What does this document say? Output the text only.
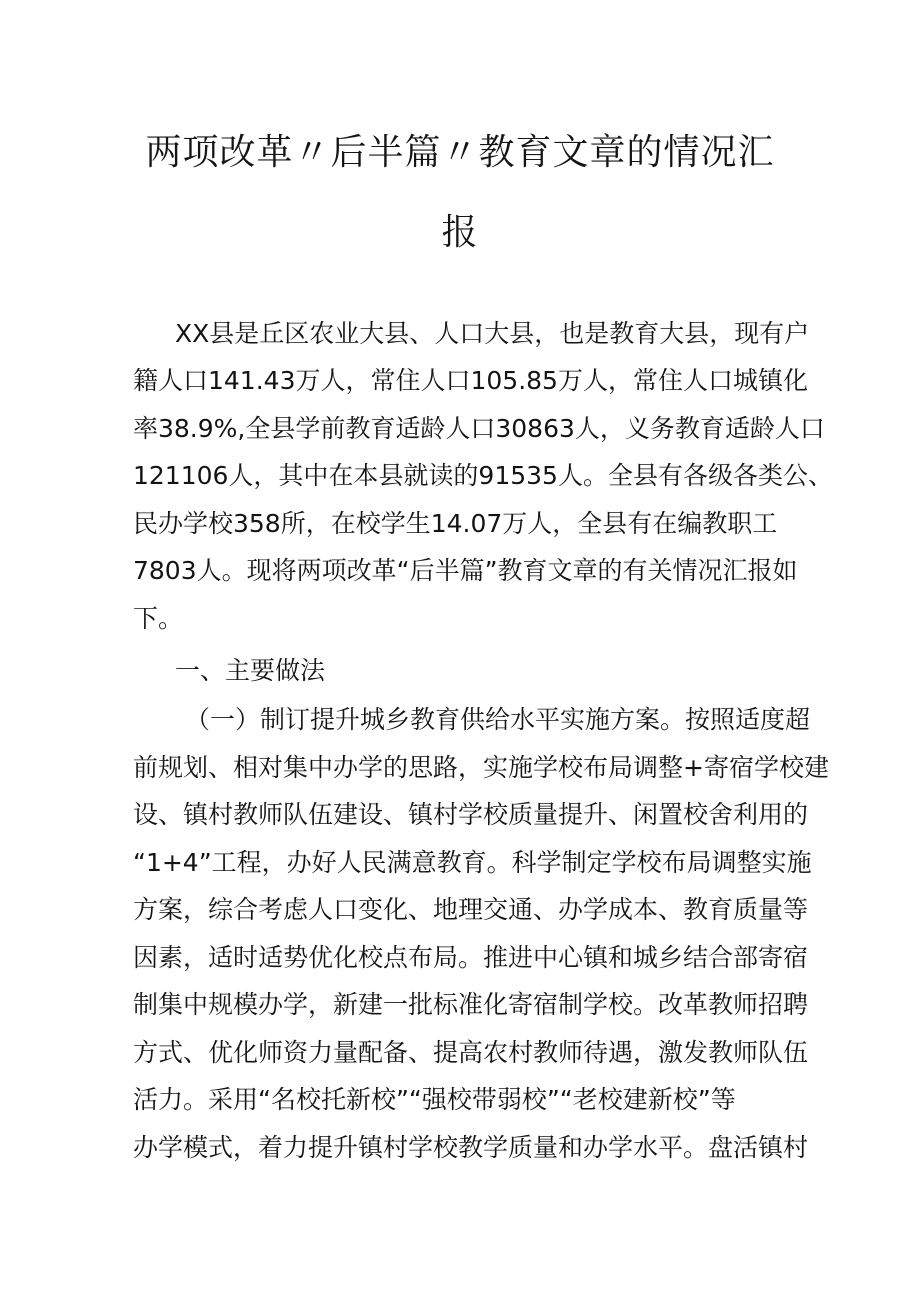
两项改革〃后半篇〃教育文章的情况汇
报

XX县是丘区农业大县、人口大县，也是教育大县，现有户

籍人口141.43万人，常住人口105.85万人，常住人口城镇化

率38.9%,全县学前教育适龄人口30863人，义务教育适龄人口

121106人，其中在本县就读的91535人。全县有各级各类公、

民办学校358所，在校学生14.07万人，全县有在编教职工

7803人。现将两项改革“后半篇”教育文章的有关情况汇报如

下。

一、主要做法

（一）制订提升城乡教育供给水平实施方案。按照适度超

前规划、相对集中办学的思路，实施学校布局调整+寄宿学校建

设、镇村教师队伍建设、镇村学校质量提升、闲置校舍利用的

“1+4”工程，办好人民满意教育。科学制定学校布局调整实施

方案，综合考虑人口变化、地理交通、办学成本、教育质量等

因素，适时适势优化校点布局。推进中心镇和城乡结合部寄宿

制集中规模办学，新建一批标准化寄宿制学校。改革教师招聘

方式、优化师资力量配备、提高农村教师待遇，激发教师队伍

活力。采用“名校托新校”“强校带弱校”“老校建新校”等

办学模式，着力提升镇村学校教学质量和办学水平。盘活镇村
